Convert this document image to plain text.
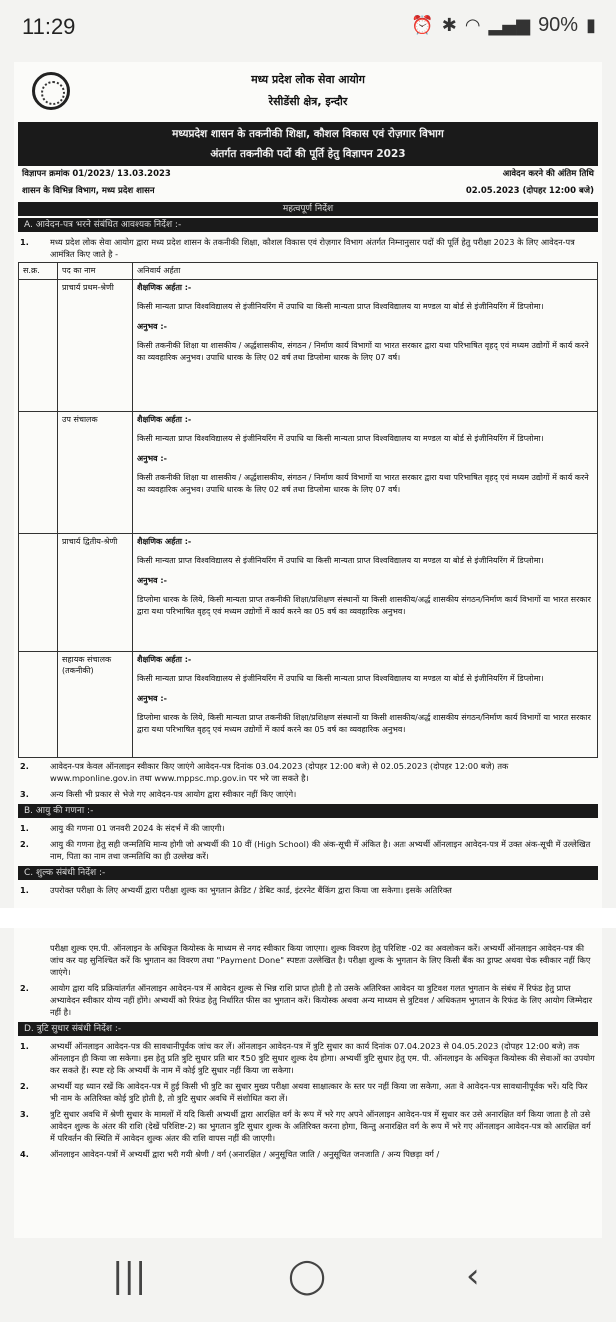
11:29	⏰ ✱ ◠ ▂▄▆ 90% ▮
मध्य प्रदेश लोक सेवा आयोग
रेसीडेंसी क्षेत्र, इन्दौर
मध्यप्रदेश शासन के तकनीकी शिक्षा, कौशल विकास एवं रोज़गार विभाग
अंतर्गत तकनीकी पदों की पूर्ति हेतु विज्ञापन 2023
विज्ञापन क्रमांक 01/2023/ 13.03.2023	आवेदन करने की अंतिम तिथि
शासन के विभिन्न विभाग, मध्य प्रदेश शासन	02.05.2023 (दोपहर 12:00 बजे)
महत्वपूर्ण निर्देश
A. आवेदन-पत्र भरने संबंधित आवश्यक निर्देश :-
1.	मध्य प्रदेश लोक सेवा आयोग द्वारा मध्य प्रदेश शासन के तकनीकी शिक्षा, कौशल विकास एवं रोज़गार विभाग अंतर्गत निम्नानुसार पदों की पूर्ति हेतु परीक्षा 2023 के लिए आवेदन-पत्र आमंत्रित किए जाते है -
स.क्र.	पद का नाम	अनिवार्य अर्हता
	प्राचार्य प्रथम-श्रेणी	शैक्षणिक अर्हता :-
किसी मान्यता प्राप्त विश्वविद्यालय से इंजीनियरिंग में उपाधि या किसी मान्यता प्राप्त विश्वविद्यालय या मण्डल या बोर्ड से इंजीनियरिंग में डिप्लोमा।
अनुभव :-
किसी तकनीकी शिक्षा या शासकीय / अर्द्धशासकीय, संगठन / निर्माण कार्य विभागों या भारत सरकार द्वारा यथा परिभाषित वृहद् एवं मध्यम उद्योगों में कार्य करने का व्यवहारिक अनुभव। उपाधि धारक के लिए 02 वर्ष तथा डिप्लोमा धारक के लिए 07 वर्ष।

	उप संचालक	शैक्षणिक अर्हता :-
किसी मान्यता प्राप्त विश्वविद्यालय से इंजीनियरिंग में उपाधि या किसी मान्यता प्राप्त विश्वविद्यालय या मण्डल या बोर्ड से इंजीनियरिंग में डिप्लोमा।
अनुभव :-
किसी तकनीकी शिक्षा या शासकीय / अर्द्धशासकीय, संगठन / निर्माण कार्य विभागों या भारत सरकार द्वारा यथा परिभाषित वृहद् एवं मध्यम उद्योगों में कार्य करने का व्यवहारिक अनुभव। उपाधि धारक के लिए 02 वर्ष तथा डिप्लोमा धारक के लिए 07 वर्ष।

	प्राचार्य द्वितीय-श्रेणी	शैक्षणिक अर्हता :-
किसी मान्यता प्राप्त विश्वविद्यालय से इंजीनियरिंग में उपाधि या किसी मान्यता प्राप्त विश्वविद्यालय या मण्डल या बोर्ड से इंजीनियरिंग में डिप्लोमा।
अनुभव :-
डिप्लोमा धारक के लिये, किसी मान्यता प्राप्त तकनीकी शिक्षा/प्रशिक्षण संस्थानों या किसी शासकीय/अर्द्ध शासकीय संगठन/निर्माण कार्य विभागों या भारत सरकार द्वारा यथा परिभाषित वृहद् एवं मध्यम उद्योगों में कार्य करने का 05 वर्ष का व्यवहारिक अनुभव।

	सहायक संचालक (तकनीकी)	शैक्षणिक अर्हता :-
किसी मान्यता प्राप्त विश्वविद्यालय से इंजीनियरिंग में उपाधि या किसी मान्यता प्राप्त विश्वविद्यालय या मण्डल या बोर्ड से इंजीनियरिंग में डिप्लोमा।
अनुभव :-
डिप्लोमा धारक के लिये, किसी मान्यता प्राप्त तकनीकी शिक्षा/प्रशिक्षण संस्थानों या किसी शासकीय/अर्द्ध शासकीय संगठन/निर्माण कार्य विभागों या भारत सरकार द्वारा यथा परिभाषित वृहद् एवं मध्यम उद्योगों में कार्य करने का 05 वर्ष का व्यवहारिक अनुभव।
2.	आवेदन-पत्र केवल ऑनलाइन स्वीकार किए जाएंगे आवेदन-पत्र दिनांक 03.04.2023 (दोपहर 12:00 बजे) से 02.05.2023 (दोपहर 12:00 बजे) तक www.mponline.gov.in तथा www.mppsc.mp.gov.in पर भरे जा सकते है।
3.	अन्य किसी भी प्रकार से भेजे गए आवेदन-पत्र आयोग द्वारा स्वीकार नहीं किए जाएंगे।
B. आयु की गणना :-
1.	आयु की गणना 01 जनवरी 2024 के संदर्भ में की जाएगी।
2.	आयु की गणना हेतु सही जन्मतिथि मान्य होगी जो अभ्यर्थी की 10 वीं (High School) की अंक-सूची में अंकित है। अतः अभ्यर्थी ऑनलाइन आवेदन-पत्र में उक्त अंक-सूची में उल्लेखित नाम, पिता का नाम तथा जन्मतिथि का ही उल्लेख करें।
C. शुल्क संबंधी निर्देश :-
1.	उपरोक्त परीक्षा के लिए अभ्यर्थी द्वारा परीक्षा शुल्क का भुगतान क्रेडिट / डेबिट कार्ड, इंटरनेट बैंकिंग द्वारा किया जा सकेगा। इसके अतिरिक्त
परीक्षा शुल्क एम.पी. ऑनलाइन के अधिकृत कियोस्क के माध्यम से नगद स्वीकार किया जाएगा। शुल्क विवरण हेतु परिशिष्ट -02 का अवलोकन करें। अभ्यर्थी ऑनलाइन आवेदन-पत्र की जांच कर यह सुनिश्चित करें कि भुगतान का विवरण तथा "Payment Done" स्पष्टतः उल्लेखित है। परीक्षा शुल्क के भुगतान के लिए किसी बैंक का ड्राफ्ट अथवा चेक स्वीकार नहीं किए जाएंगे।
2.	आयोग द्वारा यदि प्रक्रियांतर्गत ऑनलाइन आवेदन-पत्र में आवेदन शुल्क से भिन्न राशि प्राप्त होती है तो उसके अतिरिक्त आवेदन या त्रुटिवश गलत भुगतान के संबंध में रिफंड हेतु प्राप्त अभ्यावेदन स्वीकार योग्य नहीं होंगे। अभ्यर्थी को रिफंड हेतु निर्धारित फीस का भुगतान करें। कियोस्क अथवा अन्य माध्यम से त्रुटिवश / अधिकतम भुगतान के रिफंड के लिए आयोग जिम्मेदार नहीं है।
D. त्रुटि सुधार संबंधी निर्देश :-
1.	अभ्यर्थी ऑनलाइन आवेदन-पत्र की सावधानीपूर्वक जांच कर लें। ऑनलाइन आवेदन-पत्र में त्रुटि सुधार का कार्य दिनांक 07.04.2023 से 04.05.2023 (दोपहर 12:00 बजे) तक ऑनलाइन ही किया जा सकेगा। इस हेतु प्रति त्रुटि सुधार प्रति बार ₹50 त्रुटि सुधार शुल्क देय होगा। अभ्यर्थी त्रुटि सुधार हेतु एम. पी. ऑनलाइन के अधिकृत कियोस्क की सेवाओं का उपयोग कर सकते हैं। स्पष्ट रहे कि अभ्यर्थी के नाम में कोई त्रुटि सुधार नहीं किया जा सकेगा।
2.	अभ्यर्थी यह ध्यान रखें कि आवेदन-पत्र में हुई किसी भी त्रुटि का सुधार मुख्य परीक्षा अथवा साक्षात्कार के स्तर पर नहीं किया जा सकेगा, अतः वे आवेदन-पत्र सावधानीपूर्वक भरें। यदि फिर भी नाम के अतिरिक्त कोई त्रुटि होती है, तो त्रुटि सुधार अवधि में संशोधित करा लें।
3.	त्रुटि सुधार अवधि में श्रेणी सुधार के मामलों में यदि किसी अभ्यर्थी द्वारा आरक्षित वर्ग के रूप में भरे गए अपने ऑनलाइन आवेदन-पत्र में सुधार कर उसे अनारक्षित वर्ग किया जाता है तो उसे आवेदन शुल्क के अंतर की राशि (देखें परिशिष्ट-2) का भुगतान त्रुटि सुधार शुल्क के अतिरिक्त करना होगा, किन्तु अनारक्षित वर्ग के रूप में भरे गए ऑनलाइन आवेदन-पत्र को आरक्षित वर्ग में परिवर्तन की स्थिति में आवेदन शुल्क अंतर की राशि वापस नहीं की जाएगी।
4.	ऑनलाइन आवेदन-पत्रों में अभ्यर्थी द्वारा भरी गयी श्रेणी / वर्ग (अनारक्षित / अनुसूचित जाति / अनुसूचित जनजाति / अन्य पिछड़ा वर्ग /
|||	◯	‹
